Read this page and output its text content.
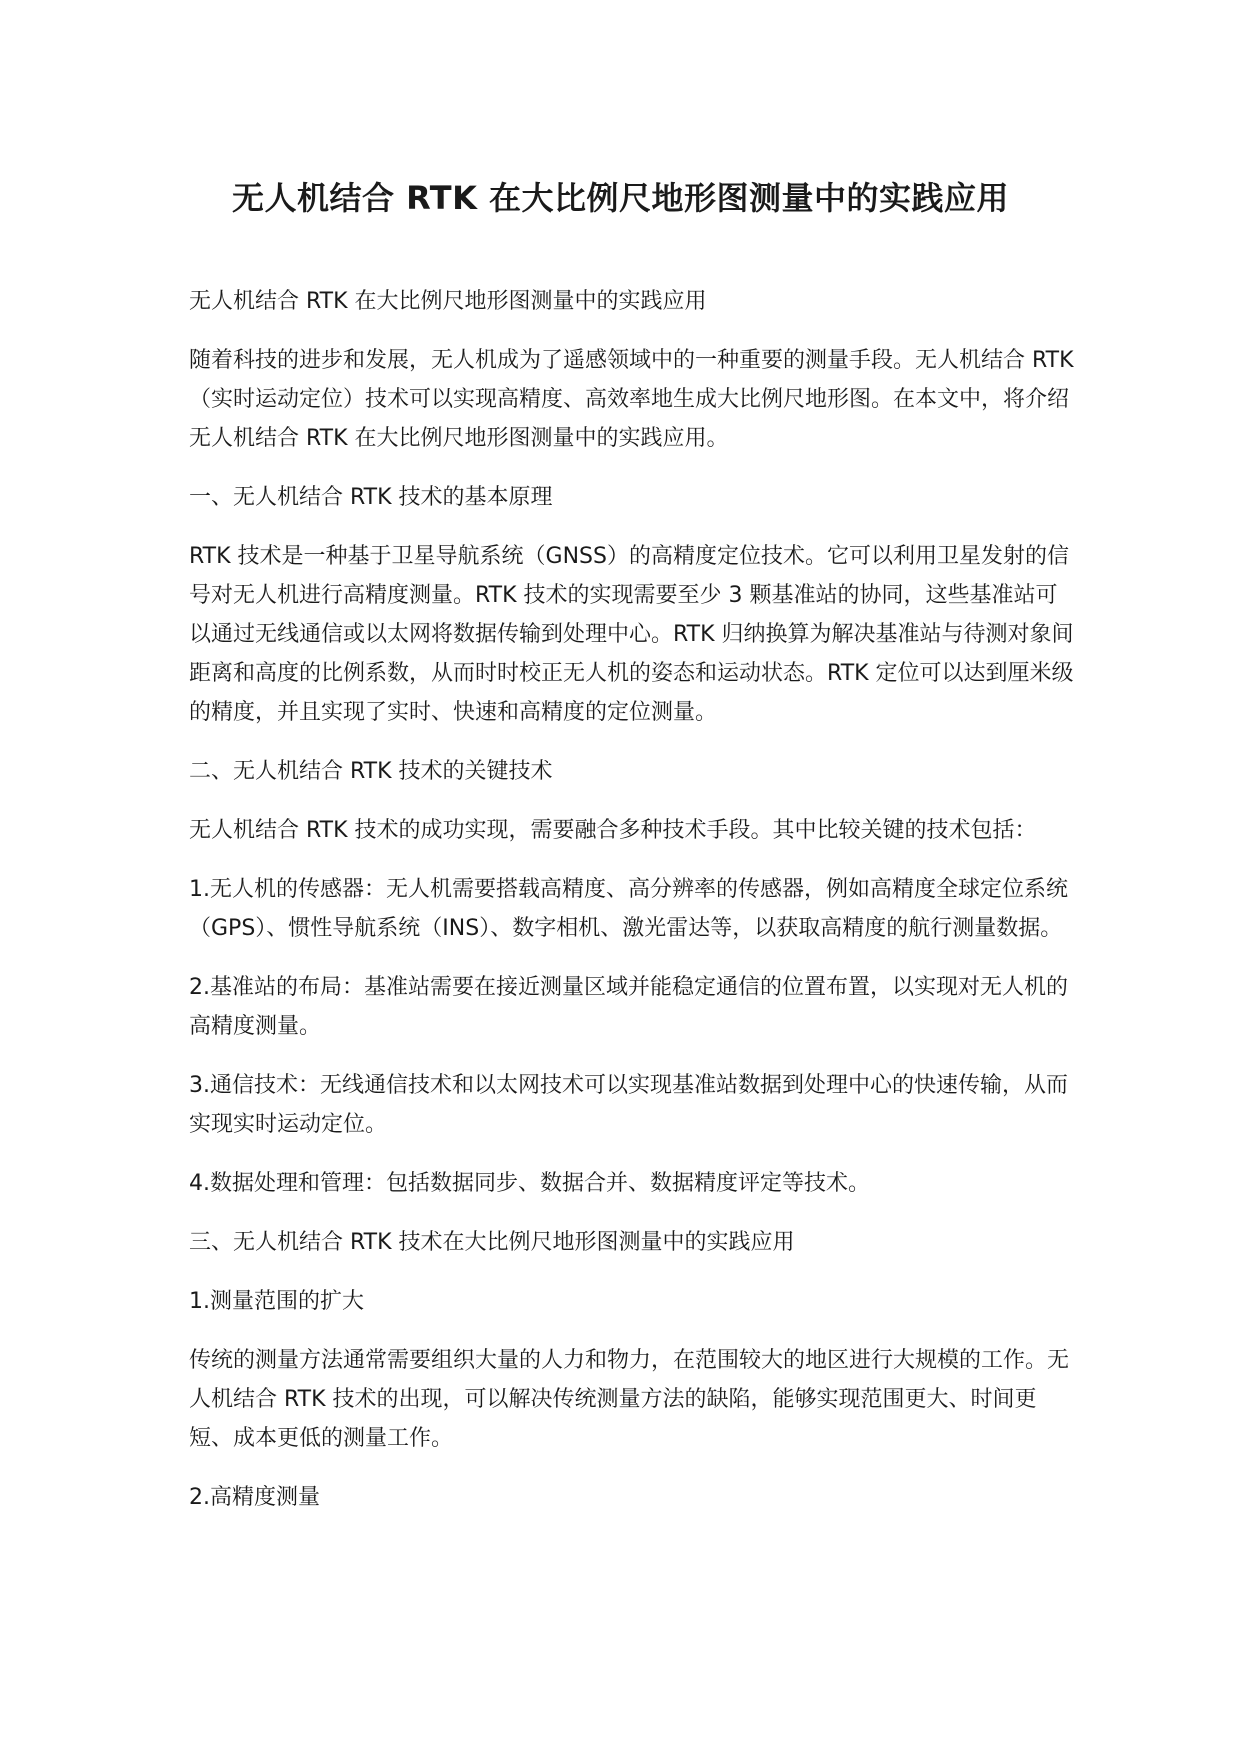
无人机结合 RTK 在大比例尺地形图测量中的实践应用

无人机结合 RTK 在大比例尺地形图测量中的实践应用

随着科技的进步和发展，无人机成为了遥感领域中的一种重要的测量手段。无人机结合 RTK（实时运动定位）技术可以实现高精度、高效率地生成大比例尺地形图。在本文中，将介绍无人机结合 RTK 在大比例尺地形图测量中的实践应用。

一、无人机结合 RTK 技术的基本原理

RTK 技术是一种基于卫星导航系统（GNSS）的高精度定位技术。它可以利用卫星发射的信号对无人机进行高精度测量。RTK 技术的实现需要至少 3 颗基准站的协同，这些基准站可以通过无线通信或以太网将数据传输到处理中心。RTK 归纳换算为解决基准站与待测对象间距离和高度的比例系数，从而时时校正无人机的姿态和运动状态。RTK 定位可以达到厘米级的精度，并且实现了实时、快速和高精度的定位测量。

二、无人机结合 RTK 技术的关键技术

无人机结合 RTK 技术的成功实现，需要融合多种技术手段。其中比较关键的技术包括：

1.无人机的传感器：无人机需要搭载高精度、高分辨率的传感器，例如高精度全球定位系统（GPS）、惯性导航系统（INS）、数字相机、激光雷达等，以获取高精度的航行测量数据。

2.基准站的布局：基准站需要在接近测量区域并能稳定通信的位置布置，以实现对无人机的高精度测量。

3.通信技术：无线通信技术和以太网技术可以实现基准站数据到处理中心的快速传输，从而实现实时运动定位。

4.数据处理和管理：包括数据同步、数据合并、数据精度评定等技术。

三、无人机结合 RTK 技术在大比例尺地形图测量中的实践应用

1.测量范围的扩大

传统的测量方法通常需要组织大量的人力和物力，在范围较大的地区进行大规模的工作。无人机结合 RTK 技术的出现，可以解决传统测量方法的缺陷，能够实现范围更大、时间更短、成本更低的测量工作。

2.高精度测量
